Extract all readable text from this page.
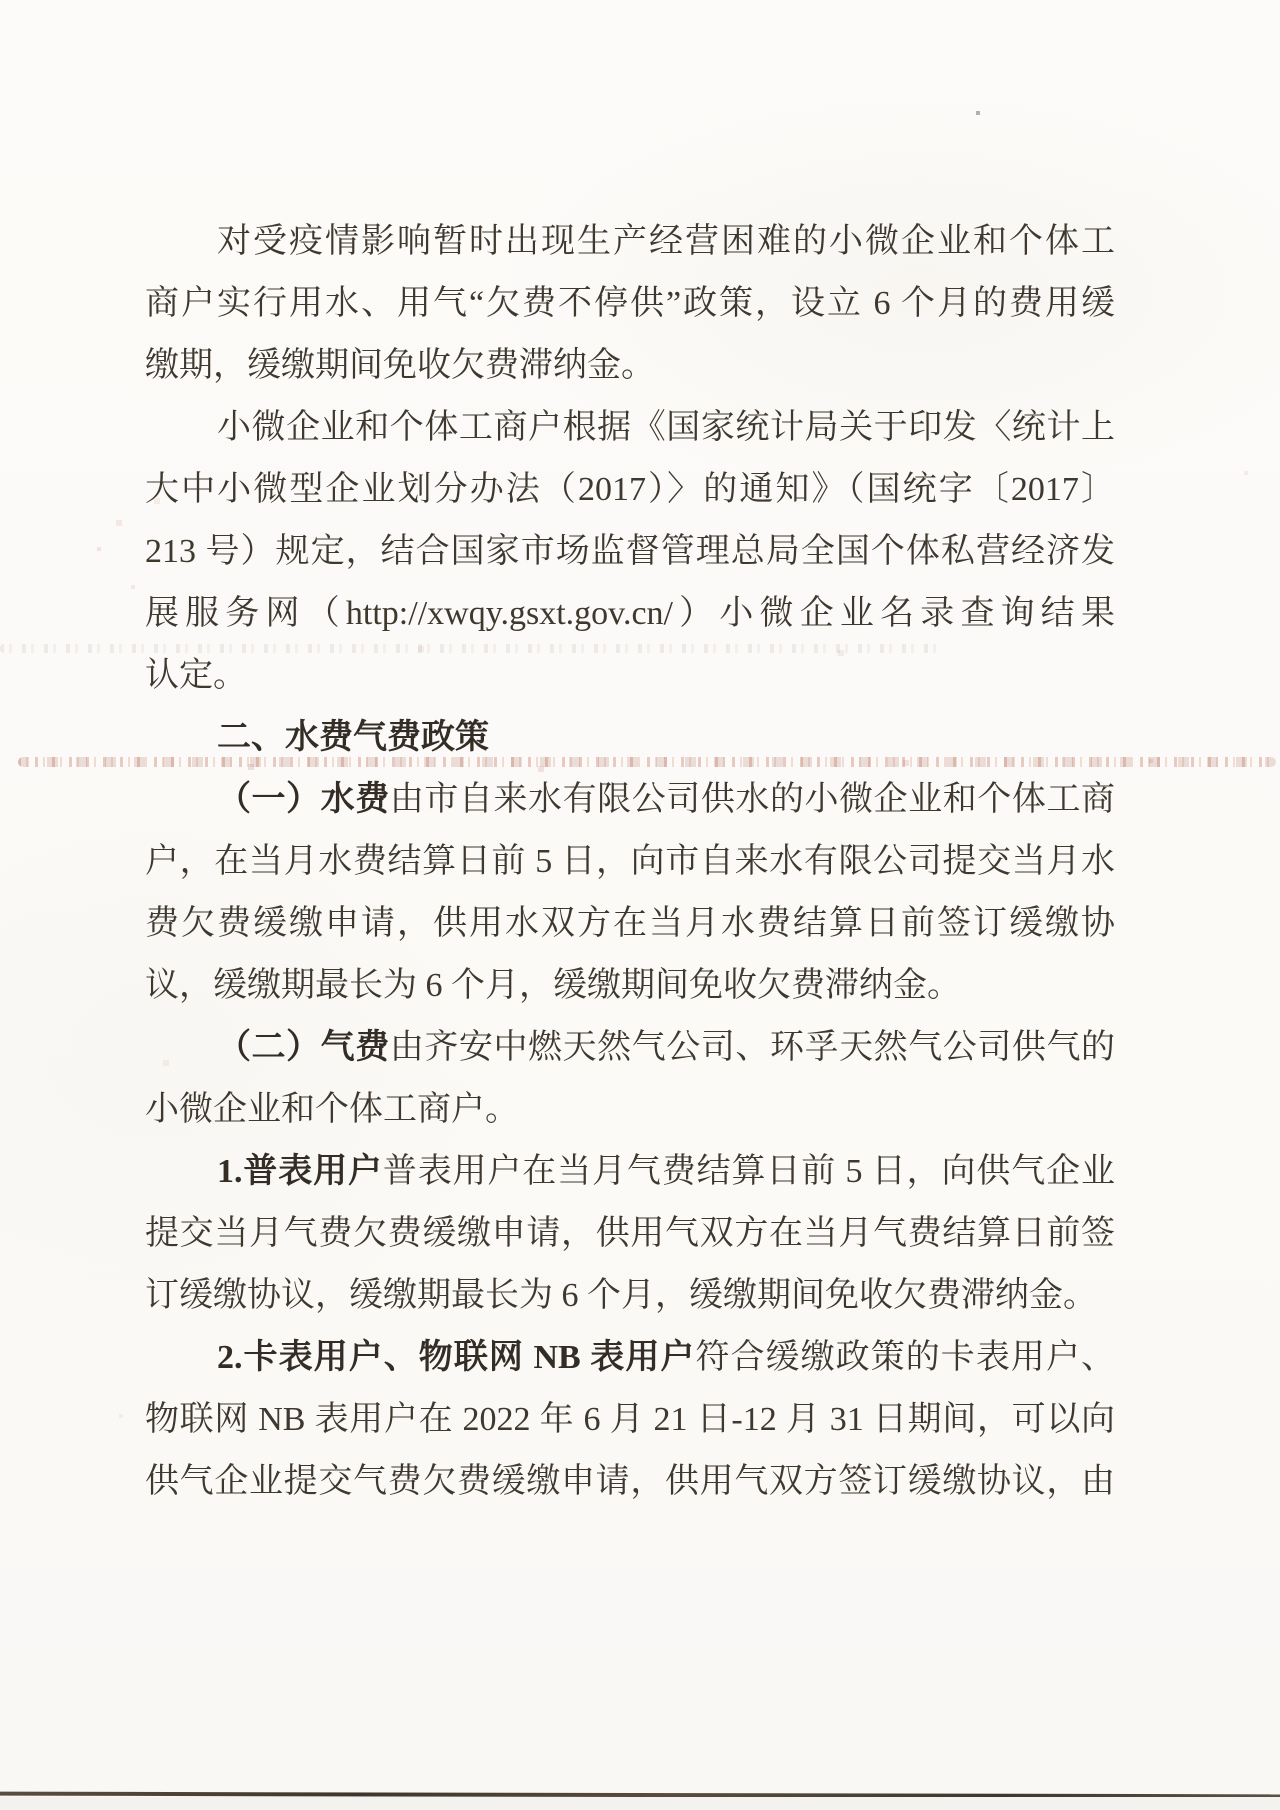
对受疫情影响暂时出现生产经营困难的小微企业和个体工
商户实行用水、用气“欠费不停供”政策，设立 6 个月的费用缓
缴期，缓缴期间免收欠费滞纳金。
小微企业和个体工商户根据《国家统计局关于印发〈统计上
大中小微型企业划分办法（2017）〉的通知》（国统字〔2017〕
213 号）规定，结合国家市场监督管理总局全国个体私营经济发
展服务网（http://xwqy.gsxt.gov.cn/）小微企业名录查询结果
认定。
二、水费气费政策
（一）水费由市自来水有限公司供水的小微企业和个体工商
户，在当月水费结算日前 5 日，向市自来水有限公司提交当月水
费欠费缓缴申请，供用水双方在当月水费结算日前签订缓缴协
议，缓缴期最长为 6 个月，缓缴期间免收欠费滞纳金。
（二）气费由齐安中燃天然气公司、环孚天然气公司供气的
小微企业和个体工商户。
1.普表用户普表用户在当月气费结算日前 5 日，向供气企业
提交当月气费欠费缓缴申请，供用气双方在当月气费结算日前签
订缓缴协议，缓缴期最长为 6 个月，缓缴期间免收欠费滞纳金。
2.卡表用户、物联网 NB 表用户符合缓缴政策的卡表用户、
物联网 NB 表用户在 2022 年 6 月 21 日-12 月 31 日期间，可以向
供气企业提交气费欠费缓缴申请，供用气双方签订缓缴协议，由
